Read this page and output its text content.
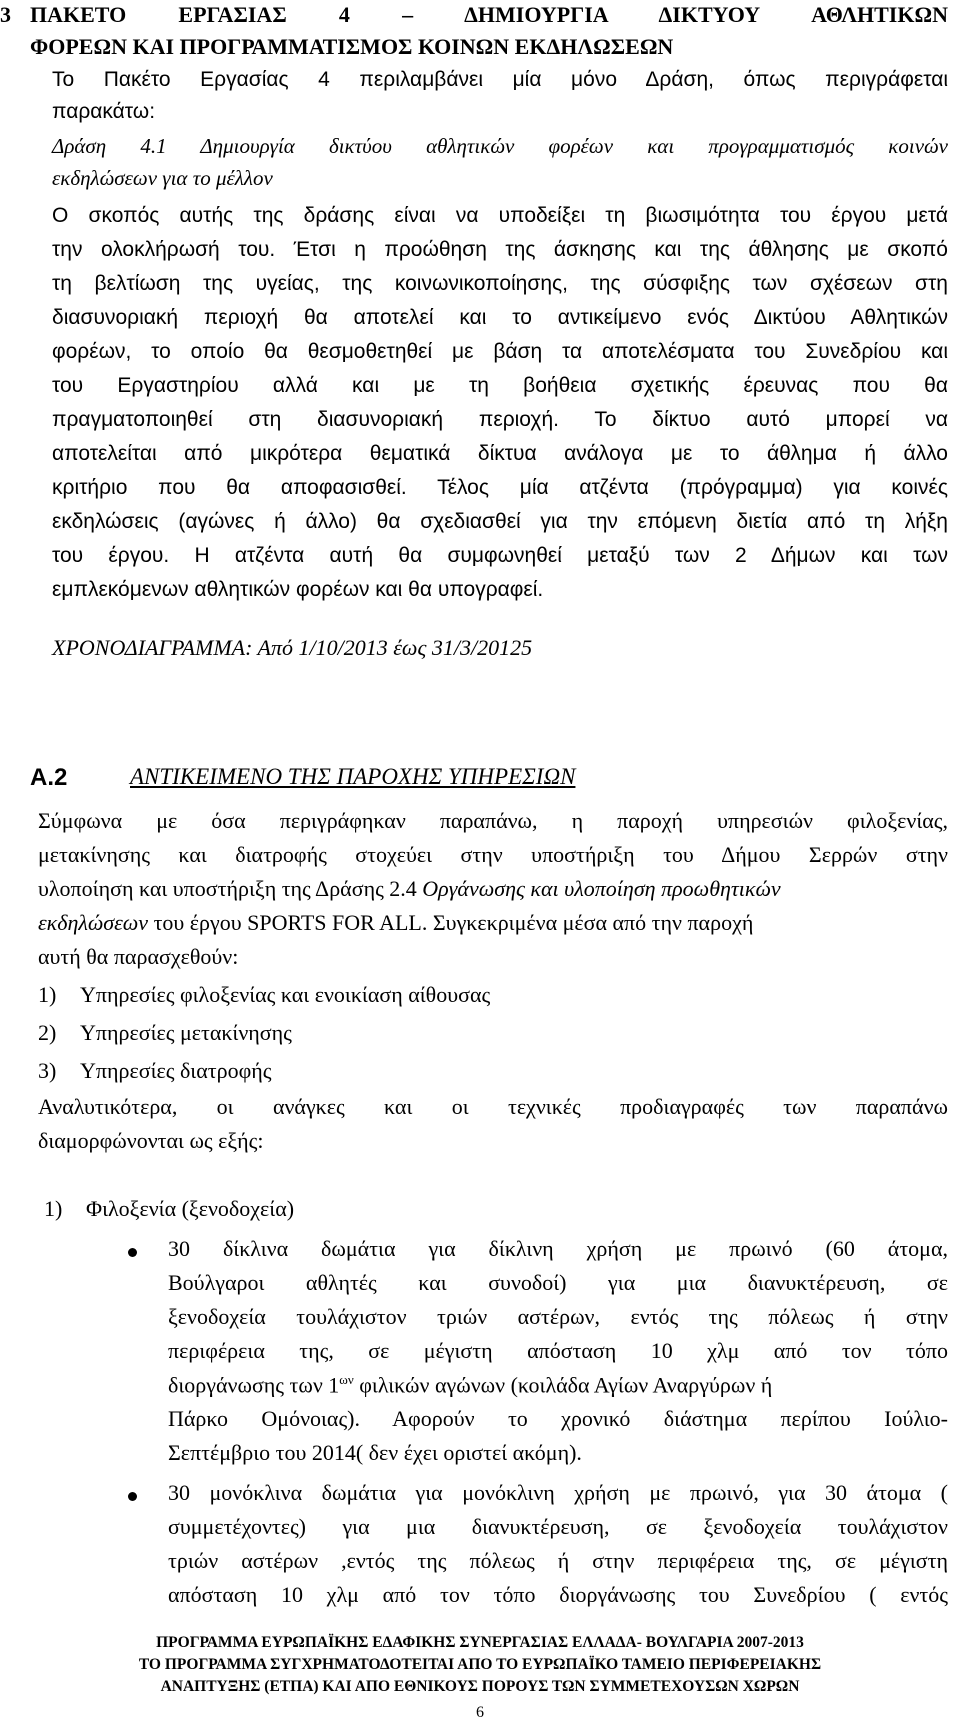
3 ΠΑΚΕΤΟ ΕΡΓΑΣΙΑΣ 4 – ΔΗΜΙΟΥΡΓΙΑ ΔΙΚΤΥΟΥ ΑΘΛΗΤΙΚΩΝ
ΦΟΡΕΩΝ ΚΑΙ ΠΡΟΓΡΑΜΜΑΤΙΣΜΟΣ ΚΟΙΝΩΝ ΕΚΔΗΛΩΣΕΩΝ
Το Πακέτο Εργασίας 4 περιλαμβάνει μία μόνο Δράση, όπως περιγράφεται
παρακάτω:
Δράση 4.1 Δημιουργία δικτύου αθλητικών φορέων και προγραμματισμός κοινών
εκδηλώσεων για το μέλλον
Ο σκοπός αυτής της δράσης είναι να υποδείξει τη βιωσιμότητα του έργου μετά
την ολοκλήρωσή του. Έτσι η προώθηση της άσκησης και της άθλησης με σκοπό
τη βελτίωση της υγείας, της κοινωνικοποίησης, της σύσφιξης των σχέσεων στη
διασυνοριακή περιοχή θα αποτελεί και το αντικείμενο ενός Δικτύου Αθλητικών
φορέων, το οποίο θα θεσμοθετηθεί με βάση τα αποτελέσματα του Συνεδρίου και
του Εργαστηρίου αλλά και με τη βοήθεια σχετικής έρευνας που θα
πραγματοποιηθεί στη διασυνοριακή περιοχή. Το δίκτυο αυτό μπορεί να
αποτελείται από μικρότερα θεματικά δίκτυα ανάλογα με το άθλημα ή άλλο
κριτήριο που θα αποφασισθεί. Τέλος μία ατζέντα (πρόγραμμα) για κοινές
εκδηλώσεις (αγώνες ή άλλο) θα σχεδιασθεί για την επόμενη διετία από τη λήξη
του έργου. Η ατζέντα αυτή θα συμφωνηθεί μεταξύ των 2 Δήμων και των
εμπλεκόμενων αθλητικών φορέων και θα υπογραφεί.
ΧΡΟΝΟΔΙΑΓΡΑΜΜΑ: Από 1/10/2013 έως 31/3/20125
Α.2	ΑΝΤΙΚΕΙΜΕΝΟ ΤΗΣ ΠΑΡΟΧΗΣ ΥΠΗΡΕΣΙΩΝ
Σύμφωνα με όσα περιγράφηκαν παραπάνω, η παροχή υπηρεσιών φιλοξενίας,
μετακίνησης και διατροφής στοχεύει στην υποστήριξη του Δήμου Σερρών στην
υλοποίηση και υποστήριξη της Δράσης 2.4 Οργάνωσης και υλοποίηση προωθητικών
εκδηλώσεων του έργου SPORTS FOR ALL. Συγκεκριμένα μέσα από την παροχή
αυτή θα παρασχεθούν:
1) Υπηρεσίες φιλοξενίας και ενοικίαση αίθουσας
2) Υπηρεσίες μετακίνησης
3) Υπηρεσίες διατροφής
Αναλυτικότερα, οι ανάγκες και οι τεχνικές προδιαγραφές των παραπάνω
διαμορφώνονται ως εξής:
1) Φιλοξενία (ξενοδοχεία)
30 δίκλινα δωμάτια για δίκλινη χρήση με πρωινό (60 άτομα,
Βούλγαροι αθλητές και συνοδοί) για μια διανυκτέρευση, σε
ξενοδοχεία τουλάχιστον τριών αστέρων, εντός της πόλεως ή στην
περιφέρεια της, σε μέγιστη απόσταση 10 χλμ από τον τόπο
διοργάνωσης των $1^{\omega\nu}$ φιλικών αγώνων (κοιλάδα Αγίων Αναργύρων ή
Πάρκο Ομόνοιας). Αφορούν το χρονικό διάστημα περίπου Ιούλιο-
Σεπτέμβριο του 2014( δεν έχει οριστεί ακόμη).
30 μονόκλινα δωμάτια για μονόκλινη χρήση με πρωινό, για 30 άτομα (
συμμετέχοντες) για μια διανυκτέρευση, σε ξενοδοχεία τουλάχιστον
τριών αστέρων ,εντός της πόλεως ή στην περιφέρεια της, σε μέγιστη
απόσταση 10 χλμ από τον τόπο διοργάνωσης του Συνεδρίου ( εντός
ΠΡΟΓΡΑΜΜΑ ΕΥΡΩΠΑΪΚΗΣ ΕΔΑΦΙΚΗΣ ΣΥΝΕΡΓΑΣΙΑΣ ΕΛΛΑΔΑ- ΒΟΥΛΓΑΡΙΑ 2007-2013
ΤΟ ΠΡΟΓΡΑΜΜΑ ΣΥΓΧΡΗΜΑΤΟΔΟΤΕΙΤΑΙ ΑΠΟ ΤΟ ΕΥΡΩΠΑΪΚΟ ΤΑΜΕΙΟ ΠΕΡΙΦΕΡΕΙΑΚΗΣ
ΑΝΑΠΤΥΞΗΣ (ΕΤΠΑ) ΚΑΙ ΑΠΟ ΕΘΝΙΚΟΥΣ ΠΟΡΟΥΣ ΤΩΝ ΣΥΜΜΕΤΕΧΟΥΣΩΝ ΧΩΡΩΝ
6
